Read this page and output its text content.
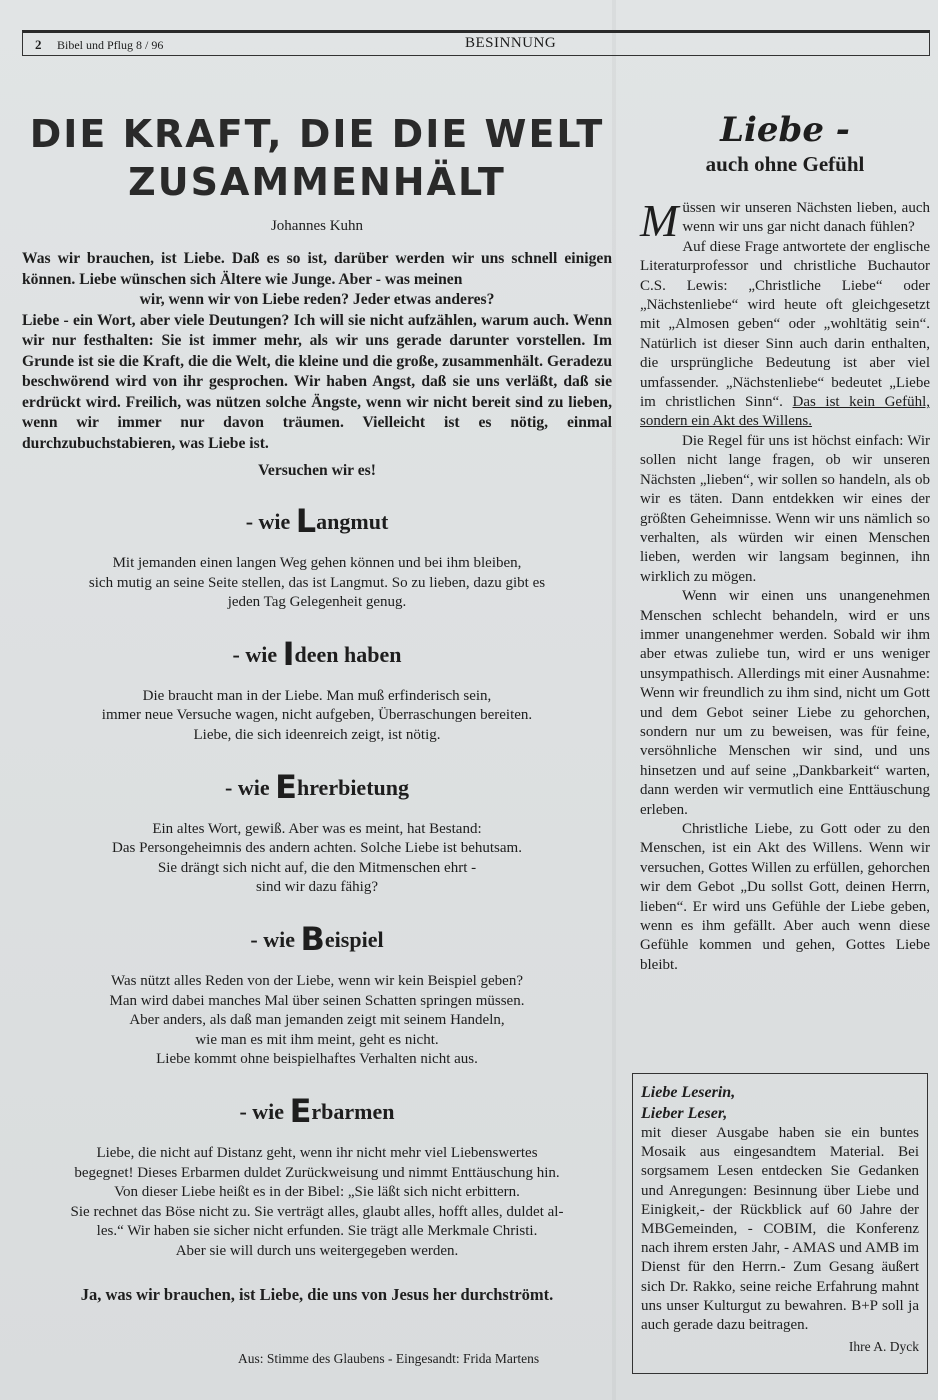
2 Bibel und Pflug 8 / 96	BESINNUNG
DIE KRAFT, DIE DIE WELT
ZUSAMMENHÄLT
Johannes Kuhn
Was wir brauchen, ist Liebe. Daß es so ist, darüber werden wir uns schnell einigen können. Liebe wünschen sich Ältere wie Junge. Aber - was meinen
wir, wenn wir von Liebe reden? Jeder etwas anderes?
Liebe - ein Wort, aber viele Deutungen? Ich will sie nicht aufzählen, warum auch. Wenn wir nur festhalten: Sie ist immer mehr, als wir uns gerade darunter vorstellen. Im Grunde ist sie die Kraft, die die Welt, die kleine und die große, zusammenhält. Geradezu beschwörend wird von ihr gesprochen. Wir haben Angst, daß sie uns verläßt, daß sie erdrückt wird. Freilich, was nützen solche Ängste, wenn wir nicht bereit sind zu lieben, wenn wir immer nur davon träumen. Vielleicht ist es nötig, einmal durchzubuchstabieren, was Liebe ist.
Versuchen wir es!
- wie Langmut
Mit jemanden einen langen Weg gehen können und bei ihm bleiben,
sich mutig an seine Seite stellen, das ist Langmut. So zu lieben, dazu gibt es
jeden Tag Gelegenheit genug.
- wie Ideen haben
Die braucht man in der Liebe. Man muß erfinderisch sein,
immer neue Versuche wagen, nicht aufgeben, Überraschungen bereiten.
Liebe, die sich ideenreich zeigt, ist nötig.
- wie Ehrerbietung
Ein altes Wort, gewiß. Aber was es meint, hat Bestand:
Das Persongeheimnis des andern achten. Solche Liebe ist behutsam.
Sie drängt sich nicht auf, die den Mitmenschen ehrt -
sind wir dazu fähig?
- wie Beispiel
Was nützt alles Reden von der Liebe, wenn wir kein Beispiel geben?
Man wird dabei manches Mal über seinen Schatten springen müssen.
Aber anders, als daß man jemanden zeigt mit seinem Handeln,
wie man es mit ihm meint, geht es nicht.
Liebe kommt ohne beispielhaftes Verhalten nicht aus.
- wie Erbarmen
Liebe, die nicht auf Distanz geht, wenn ihr nicht mehr viel Liebenswertes
begegnet! Dieses Erbarmen duldet Zurückweisung und nimmt Enttäuschung hin.
Von dieser Liebe heißt es in der Bibel: „Sie läßt sich nicht erbittern.
Sie rechnet das Böse nicht zu. Sie verträgt alles, glaubt alles, hofft alles, duldet al-
les.“ Wir haben sie sicher nicht erfunden. Sie trägt alle Merkmale Christi.
Aber sie will durch uns weitergegeben werden.
Ja, was wir brauchen, ist Liebe, die uns von Jesus her durchströmt.
Aus: Stimme des Glaubens - Eingesandt: Frida Martens
Liebe -
auch ohne Gefühl

Müssen wir unseren Nächsten lieben, auch wenn wir uns gar nicht danach fühlen?

Auf diese Frage antwortete der englische Literaturprofessor und christliche Buchautor C.S. Lewis: „Christliche Liebe“ oder „Nächstenliebe“ wird heute oft gleichgesetzt mit „Almosen geben“ oder „wohltätig sein“. Natürlich ist dieser Sinn auch darin enthalten, die ursprüngliche Bedeutung ist aber viel umfassender. „Nächstenliebe“ bedeutet „Liebe im christlichen Sinn“. Das ist kein Gefühl, sondern ein Akt des Willens.

Die Regel für uns ist höchst einfach: Wir sollen nicht lange fragen, ob wir unseren Nächsten „lieben“, wir sollen so handeln, als ob wir es täten. Dann entdekken wir eines der größten Geheimnisse. Wenn wir uns nämlich so verhalten, als würden wir einen Menschen lieben, werden wir langsam beginnen, ihn wirklich zu mögen.

Wenn wir einen uns unangenehmen Menschen schlecht behandeln, wird er uns immer unangenehmer werden. Sobald wir ihm aber etwas zuliebe tun, wird er uns weniger unsympathisch. Allerdings mit einer Ausnahme: Wenn wir freundlich zu ihm sind, nicht um Gott und dem Gebot seiner Liebe zu gehorchen, sondern nur um zu beweisen, was für feine, versöhnliche Menschen wir sind, und uns hinsetzen und auf seine „Dankbarkeit“ warten, dann werden wir vermutlich eine Enttäuschung erleben.

Christliche Liebe, zu Gott oder zu den Menschen, ist ein Akt des Willens. Wenn wir versuchen, Gottes Willen zu erfüllen, gehorchen wir dem Gebot „Du sollst Gott, deinen Herrn, lieben“. Er wird uns Gefühle der Liebe geben, wenn es ihm gefällt. Aber auch wenn diese Gefühle kommen und gehen, Gottes Liebe bleibt.

Liebe Leserin,
Lieber Leser,
mit dieser Ausgabe haben sie ein buntes Mosaik aus eingesandtem Material. Bei sorgsamem Lesen entdecken Sie Gedanken und Anregungen: Besinnung über Liebe und Einigkeit,- der Rückblick auf 60 Jahre der MBGemeinden, - COBIM, die Konferenz nach ihrem ersten Jahr, - AMAS und AMB im Dienst für den Herrn.- Zum Gesang äußert sich Dr. Rakko, seine reiche Erfahrung mahnt uns unser Kulturgut zu bewahren. B+P soll ja auch gerade dazu beitragen.
Ihre A. Dyck
